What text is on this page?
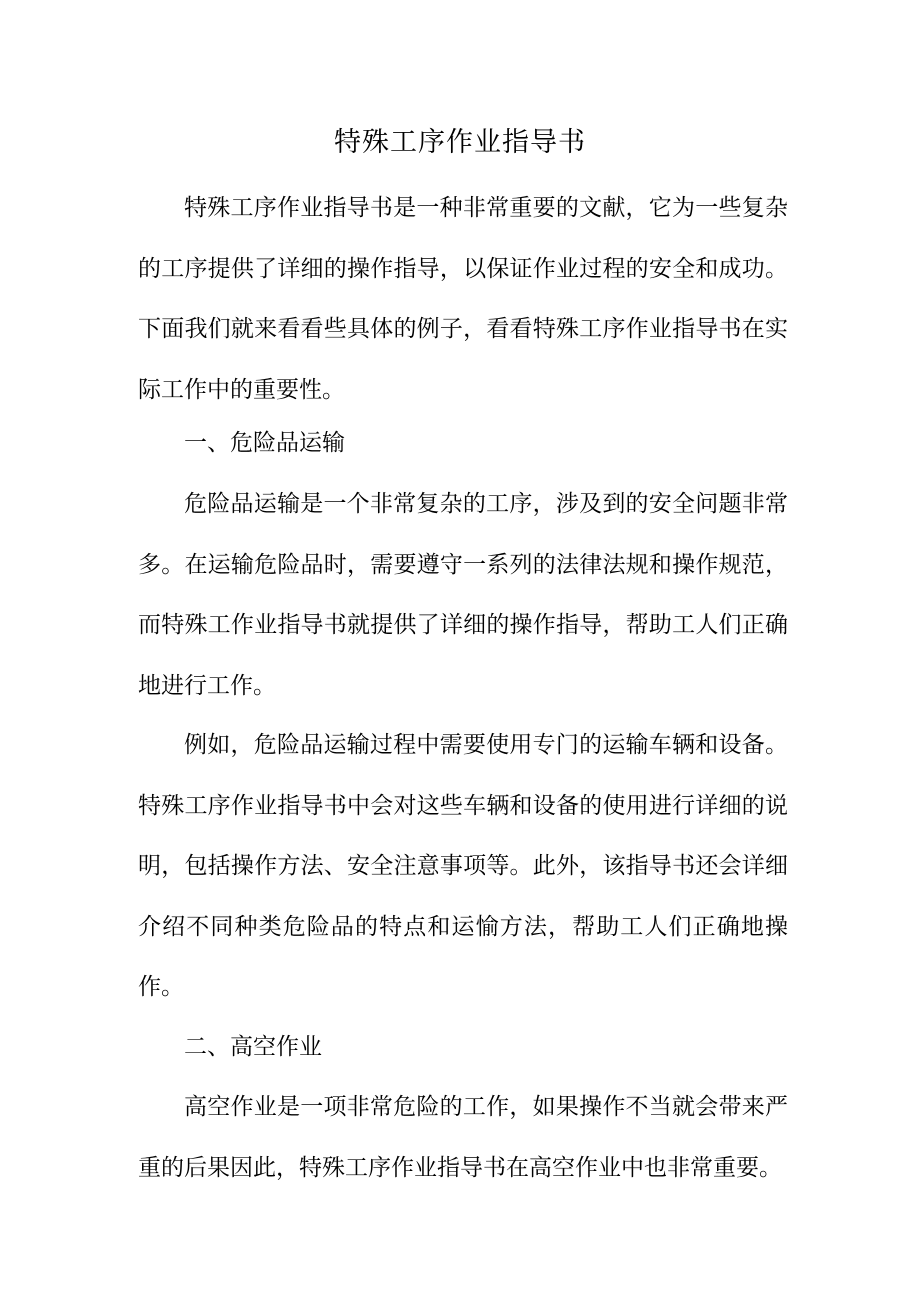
特殊工序作业指导书

特殊工序作业指导书是一种非常重要的文献，它为一些复杂的工序提供了详细的操作指导，以保证作业过程的安全和成功。下面我们就来看看些具体的例子，看看特殊工序作业指导书在实际工作中的重要性。

一、危险品运输

危险品运输是一个非常复杂的工序，涉及到的安全问题非常多。在运输危险品时，需要遵守一系列的法律法规和操作规范，而特殊工作业指导书就提供了详细的操作指导，帮助工人们正确地进行工作。

例如，危险品运输过程中需要使用专门的运输车辆和设备。特殊工序作业指导书中会对这些车辆和设备的使用进行详细的说明，包括操作方法、安全注意事项等。此外，该指导书还会详细介绍不同种类危险品的特点和运愉方法，帮助工人们正确地操作。

二、高空作业

高空作业是一项非常危险的工作，如果操作不当就会带来严重的后果因此，特殊工序作业指导书在高空作业中也非常重要。
